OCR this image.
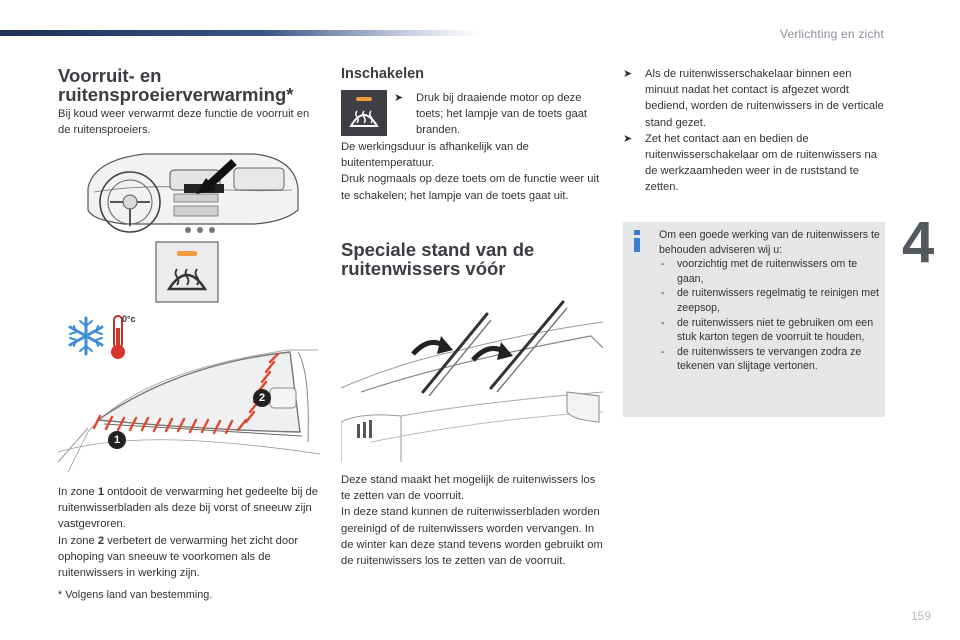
Verlichting en zicht
4
159
Voorruit- en ruitensproeierverwarming*
Bij koud weer verwarmt deze functie de voorruit en de ruitensproeiers.
0°c
1
2
In zone 1 ontdooit de verwarming het gedeelte bij de ruitenwisserbladen als deze bij vorst of sneeuw zijn vastgevroren.
In zone 2 verbetert de verwarming het zicht door ophoping van sneeuw te voorkomen als de ruitenwissers in werking zijn.
* Volgens land van bestemming.
Inschakelen
➤ Druk bij draaiende motor op deze toets; het lampje van de toets gaat branden.
De werkingsduur is afhankelijk van de buitentemperatuur.
Druk nogmaals op deze toets om de functie weer uit te schakelen; het lampje van de toets gaat uit.
Speciale stand van de ruitenwissers vóór
Deze stand maakt het mogelijk de ruitenwissers los te zetten van de voorruit.
In deze stand kunnen de ruitenwisserbladen worden gereinigd of de ruitenwissers worden vervangen. In de winter kan deze stand tevens worden gebruikt om de ruitenwissers los te zetten van de voorruit.
➤ Als de ruitenwisserschakelaar binnen een minuut nadat het contact is afgezet wordt bediend, worden de ruitenwissers in de verticale stand gezet.
➤ Zet het contact aan en bedien de ruitenwisserschakelaar om de ruitenwissers na de werkzaamheden weer in de ruststand te zetten.
Om een goede werking van de ruitenwissers te behouden adviseren wij u:
- voorzichtig met de ruitenwissers om te gaan,
- de ruitenwissers regelmatig te reinigen met zeepsop,
- de ruitenwissers niet te gebruiken om een stuk karton tegen de voorruit te houden,
- de ruitenwissers te vervangen zodra ze tekenen van slijtage vertonen.
